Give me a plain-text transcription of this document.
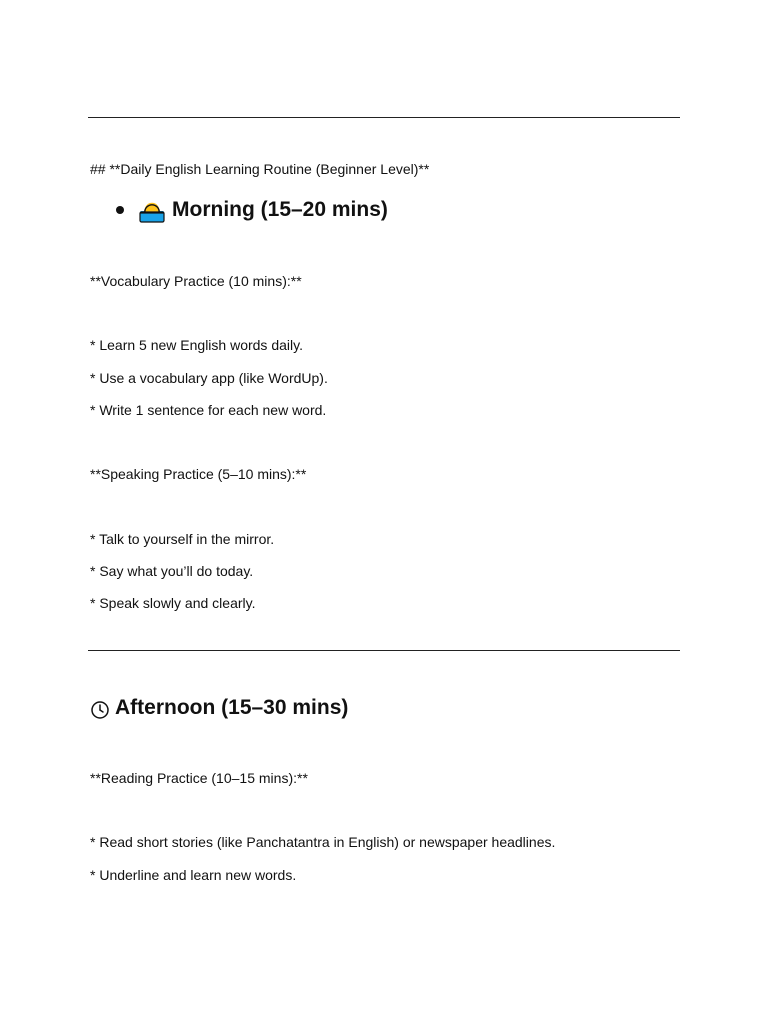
## **Daily English Learning Routine (Beginner Level)**
Morning (15–20 mins)
**Vocabulary Practice (10 mins):**
* Learn 5 new English words daily.
* Use a vocabulary app (like WordUp).
* Write 1 sentence for each new word.
**Speaking Practice (5–10 mins):**
* Talk to yourself in the mirror.
* Say what you’ll do today.
* Speak slowly and clearly.
Afternoon (15–30 mins)
**Reading Practice (10–15 mins):**
* Read short stories (like Panchatantra in English) or newspaper headlines.
* Underline and learn new words.
